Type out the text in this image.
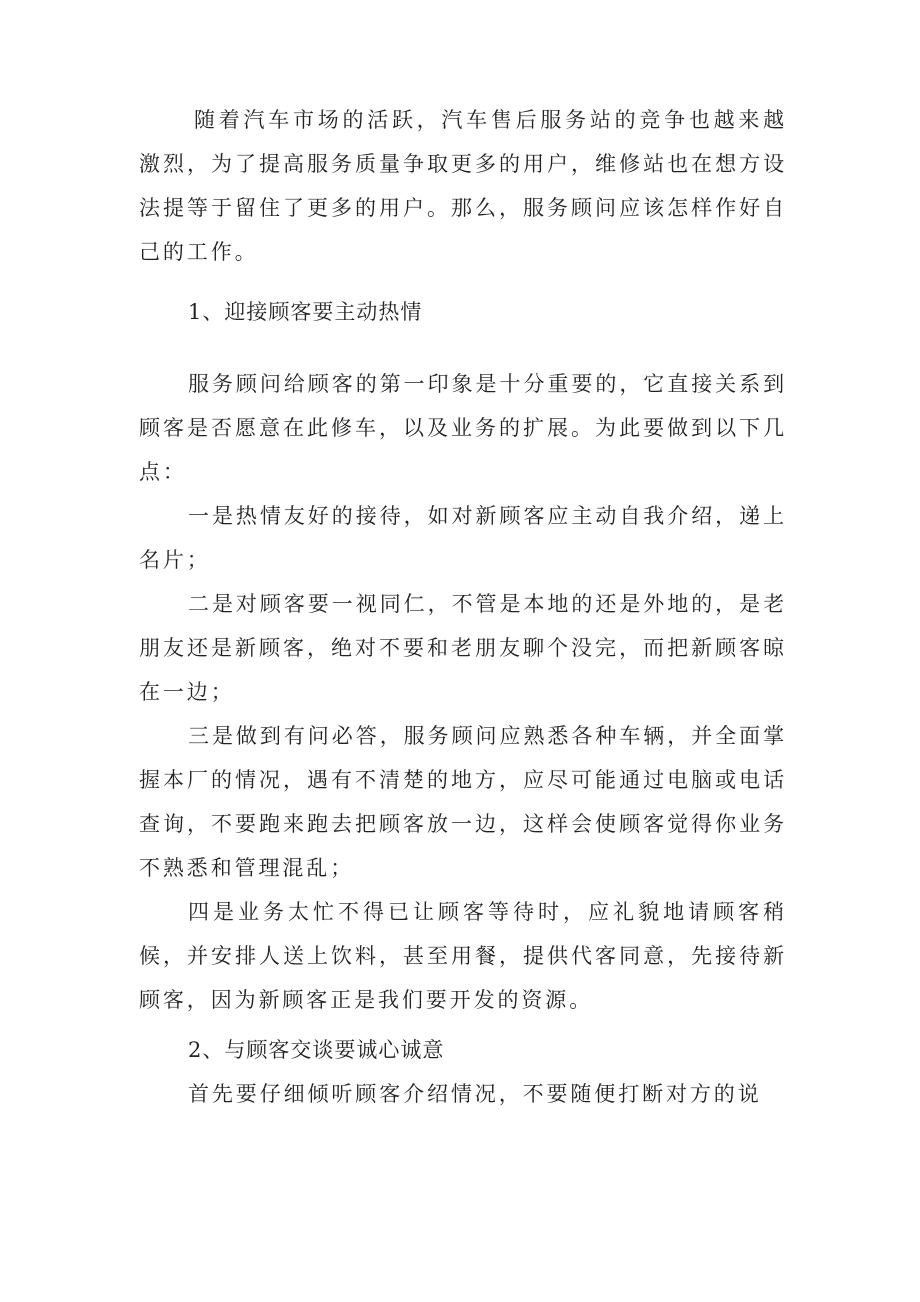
随着汽车市场的活跃，汽车售后服务站的竞争也越来越激烈，为了提高服务质量争取更多的用户，维修站也在想方设法提等于留住了更多的用户。那么，服务顾问应该怎样作好自己的工作。

1、迎接顾客要主动热情

服务顾问给顾客的第一印象是十分重要的，它直接关系到顾客是否愿意在此修车，以及业务的扩展。为此要做到以下几点：

一是热情友好的接待，如对新顾客应主动自我介绍，递上名片；

二是对顾客要一视同仁，不管是本地的还是外地的，是老朋友还是新顾客，绝对不要和老朋友聊个没完，而把新顾客晾在一边；

三是做到有问必答，服务顾问应熟悉各种车辆，并全面掌握本厂的情况，遇有不清楚的地方，应尽可能通过电脑或电话查询，不要跑来跑去把顾客放一边，这样会使顾客觉得你业务不熟悉和管理混乱；

四是业务太忙不得已让顾客等待时，应礼貌地请顾客稍候，并安排人送上饮料，甚至用餐，提供代客同意，先接待新顾客，因为新顾客正是我们要开发的资源。

2、与顾客交谈要诚心诚意

首先要仔细倾听顾客介绍情况，不要随便打断对方的说
